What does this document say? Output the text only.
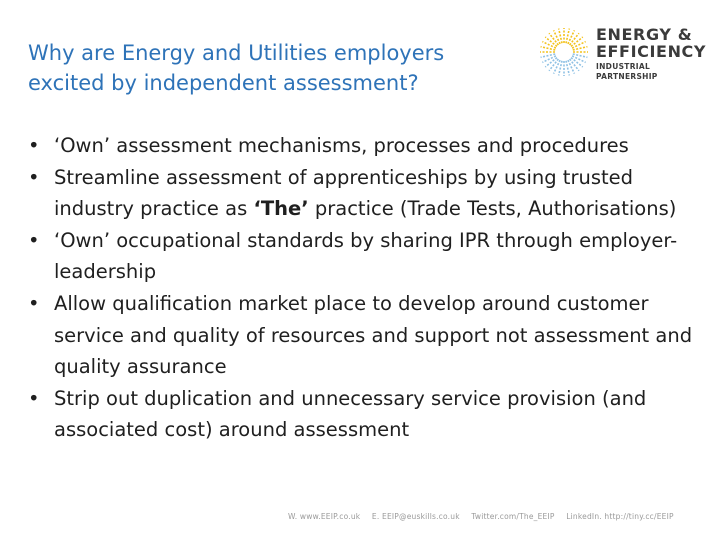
Why are Energy and Utilities employers
excited by independent assessment?
ENERGY &
EFFICIENCY
INDUSTRIAL PARTNERSHIP
• ‘Own’ assessment mechanisms, processes and procedures
• Streamline assessment of apprenticeships by using trusted industry practice as ‘The’ practice (Trade Tests, Authorisations)
• ‘Own’ occupational standards by sharing IPR through employer-leadership
• Allow qualification market place to develop around customer service and quality of resources and support not assessment and quality assurance
• Strip out duplication and unnecessary service provision (and associated cost) around assessment
W. www.EEIP.co.uk E. EEIP@euskills.co.uk Twitter.com/The_EEIP LinkedIn. http://tiny.cc/EEIP
